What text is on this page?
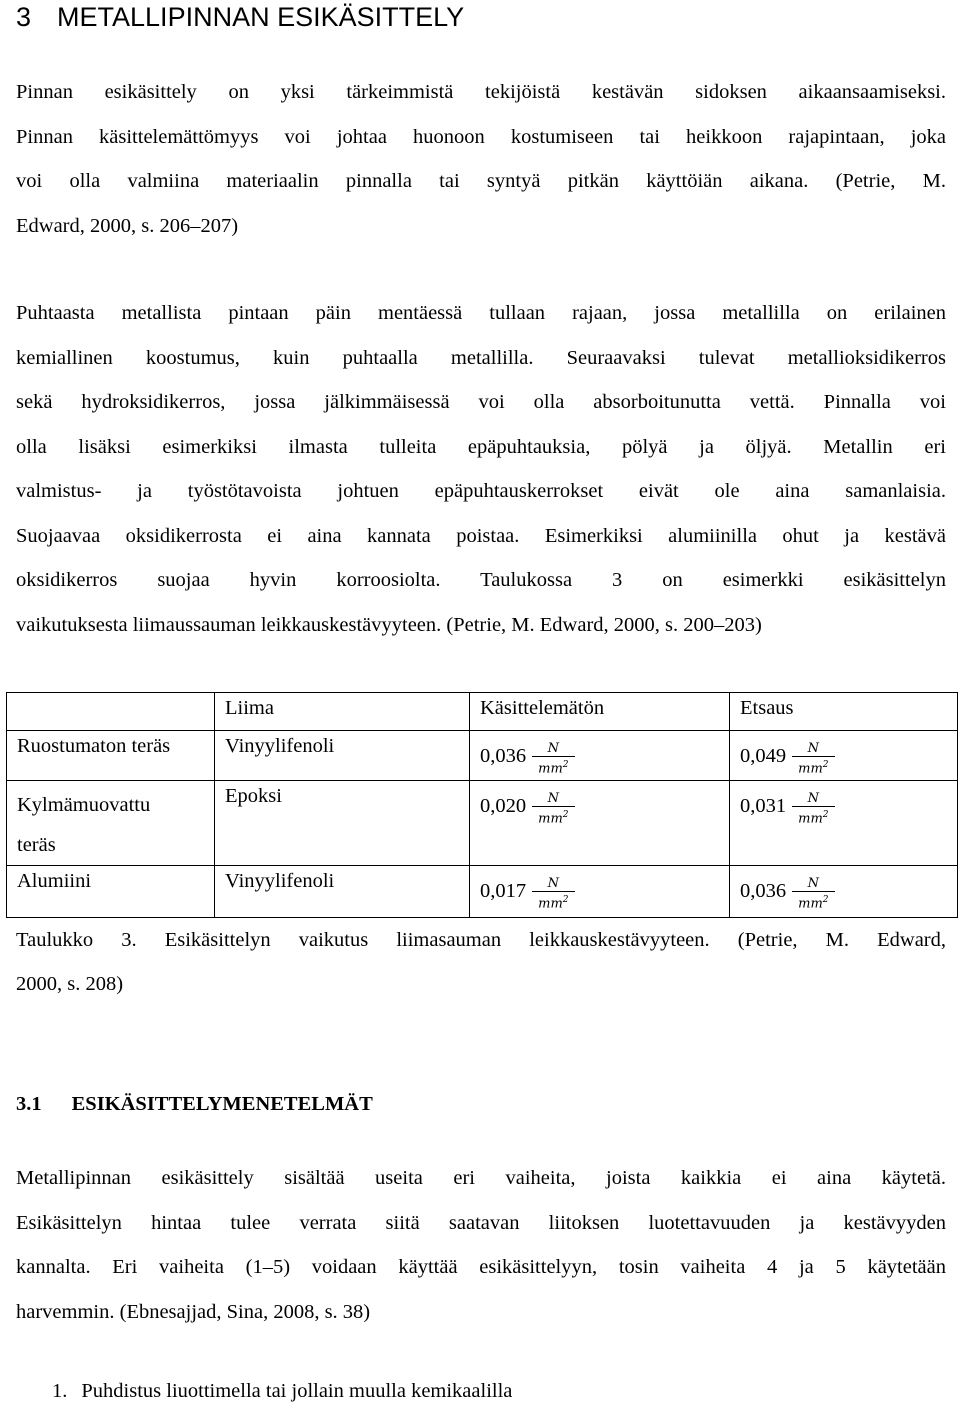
3 METALLIPINNAN ESIKÄSITTELY
Pinnan esikäsittely on yksi tärkeimmistä tekijöistä kestävän sidoksen aikaansaamiseksi.
Pinnan käsittelemättömyys voi johtaa huonoon kostumiseen tai heikkoon rajapintaan, joka
voi olla valmiina materiaalin pinnalla tai syntyä pitkän käyttöiän aikana. (Petrie, M.
Edward, 2000, s. 206–207)
Puhtaasta metallista pintaan päin mentäessä tullaan rajaan, jossa metallilla on erilainen
kemiallinen koostumus, kuin puhtaalla metallilla. Seuraavaksi tulevat metallioksidikerros
sekä hydroksidikerros, jossa jälkimmäisessä voi olla absorboitunutta vettä. Pinnalla voi
olla lisäksi esimerkiksi ilmasta tulleita epäpuhtauksia, pölyä ja öljyä. Metallin eri
valmistus- ja työstötavoista johtuen epäpuhtauskerrokset eivät ole aina samanlaisia.
Suojaavaa oksidikerrosta ei aina kannata poistaa. Esimerkiksi alumiinilla ohut ja kestävä
oksidikerros suojaa hyvin korroosiolta. Taulukossa 3 on esimerkki esikäsittelyn
vaikutuksesta liimaussauman leikkauskestävyyteen. (Petrie, M. Edward, 2000, s. 200–203)
	Liima	Käsittelemätön	Etsaus
Ruostumaton teräs	Vinyylifenoli	$0,036 \frac{N}{mm^2}$	$0,049 \frac{N}{mm^2}$

Kylmämuovattu
teräs	Epoksi	$0,020 \frac{N}{mm^2}$	$0,031 \frac{N}{mm^2}$

Alumiini	Vinyylifenoli	$0,017 \frac{N}{mm^2}$	$0,036 \frac{N}{mm^2}$
Taulukko 3. Esikäsittelyn vaikutus liimasauman leikkauskestävyyteen. (Petrie, M. Edward,
2000, s. 208)
3.1 ESIKÄSITTELYMENETELMÄT
Metallipinnan esikäsittely sisältää useita eri vaiheita, joista kaikkia ei aina käytetä.
Esikäsittelyn hintaa tulee verrata siitä saatavan liitoksen luotettavuuden ja kestävyyden
kannalta. Eri vaiheita (1–5) voidaan käyttää esikäsittelyyn, tosin vaiheita 4 ja 5 käytetään
harvemmin. (Ebnesajjad, Sina, 2008, s. 38)
1. Puhdistus liuottimella tai jollain muulla kemikaalilla
